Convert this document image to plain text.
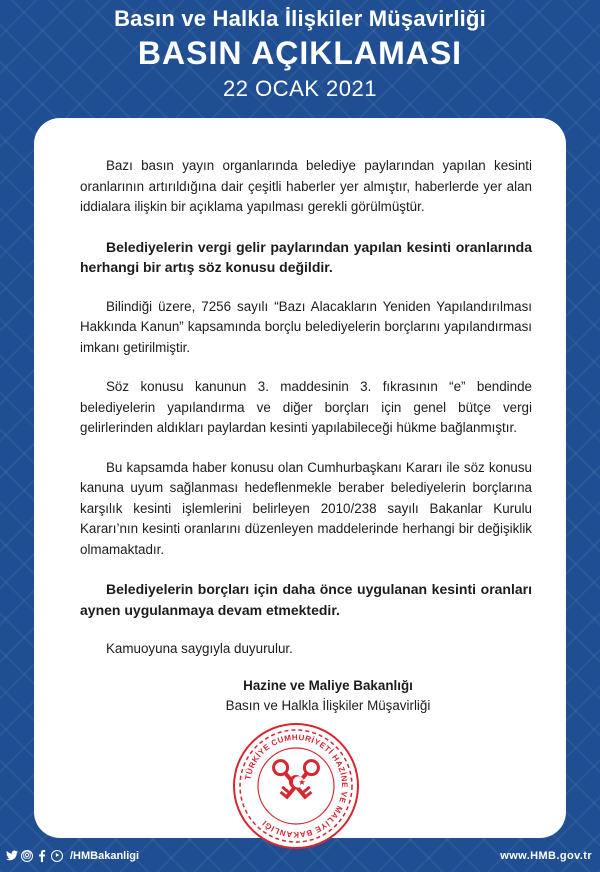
Basın ve Halkla İlişkiler Müşavirliği
BASIN AÇIKLAMASI
22 OCAK 2021

Bazı basın yayın organlarında belediye paylarından yapılan kesinti oranlarının artırıldığına dair çeşitli haberler yer almıştır, haberlerde yer alan iddialara ilişkin bir açıklama yapılması gerekli görülmüştür.

Belediyelerin vergi gelir paylarından yapılan kesinti oranlarında herhangi bir artış söz konusu değildir.

Bilindiği üzere, 7256 sayılı “Bazı Alacakların Yeniden Yapılandırılması Hakkında Kanun” kapsamında borçlu belediyelerin borçlarını yapılandırması imkanı getirilmiştir.

Söz konusu kanunun 3. maddesinin 3. fıkrasının “e” bendinde belediyelerin yapılandırma ve diğer borçları için genel bütçe vergi gelirlerinden aldıkları paylardan kesinti yapılabileceği hükme bağlanmıştır.

Bu kapsamda haber konusu olan Cumhurbaşkanı Kararı ile söz konusu kanuna uyum sağlanması hedeflenmekle beraber belediyelerin borçlarına karşılık kesinti işlemlerini belirleyen 2010/238 sayılı Bakanlar Kurulu Kararı’nın kesinti oranlarını düzenleyen maddelerinde herhangi bir değişiklik olmamaktadır.

Belediyelerin borçları için daha önce uygulanan kesinti oranları aynen uygulanmaya devam etmektedir.

Kamuoyuna saygıyla duyurulur.

Hazine ve Maliye Bakanlığı
Basın ve Halkla İlişkiler Müşavirliği
TÜRKİYE CUMHURİYETİ HAZİNE VE MALİYE BAKANLIĞI
/HMBakanligi	www.HMB.gov.tr
